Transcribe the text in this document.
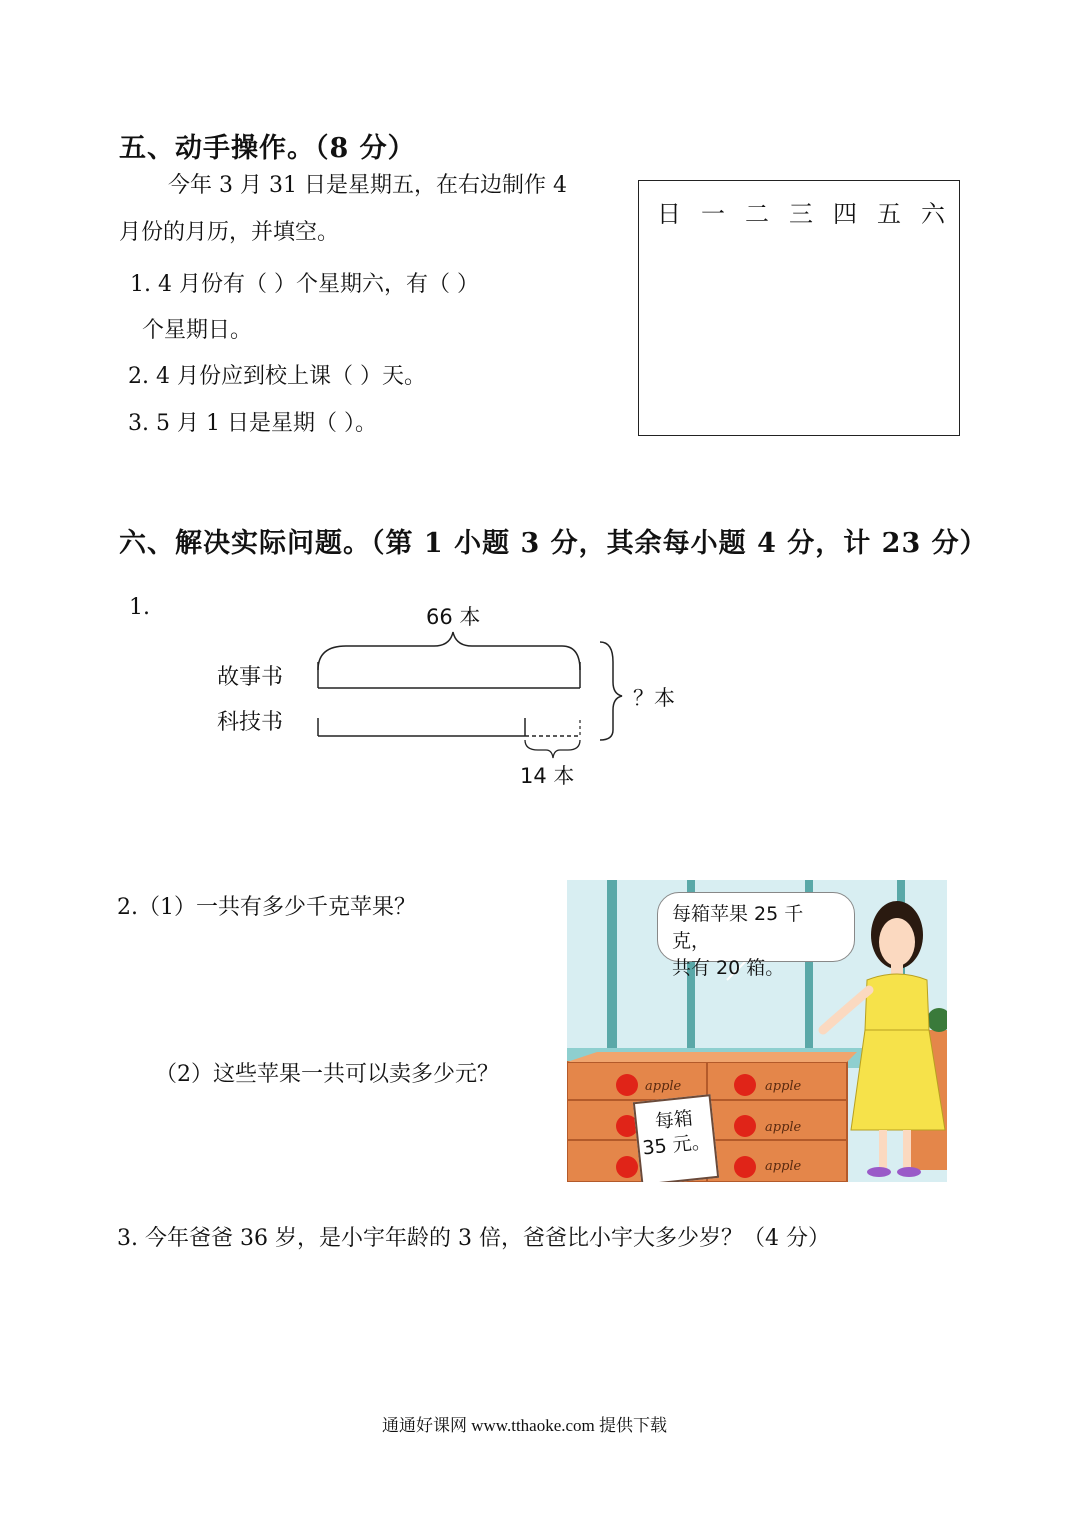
五、动手操作。（8 分）
今年 3 月 31 日是星期五，在右边制作 4
月份的月历，并填空。
1. 4 月份有（ ）个星期六，有（ ）
个星期日。
2. 4 月份应到校上课（ ）天。
3. 5 月 1 日是星期（ ）。
日 一 二 三 四 五 六
六、解决实际问题。（第 1 小题 3 分，其余每小题 4 分，计 23 分）
1.	66 本
14 本
？本
故事书
科技书
2.（1）一共有多少千克苹果？
（2）这些苹果一共可以卖多少元？	apple	apple
apple
apple
每箱苹果 25 千克，
共有 20 箱。
每箱
35 元。
3. 今年爸爸 36 岁，是小宇年龄的 3 倍，爸爸比小宇大多少岁？（4 分）
通通好课网 www.tthaoke.com 提供下载
